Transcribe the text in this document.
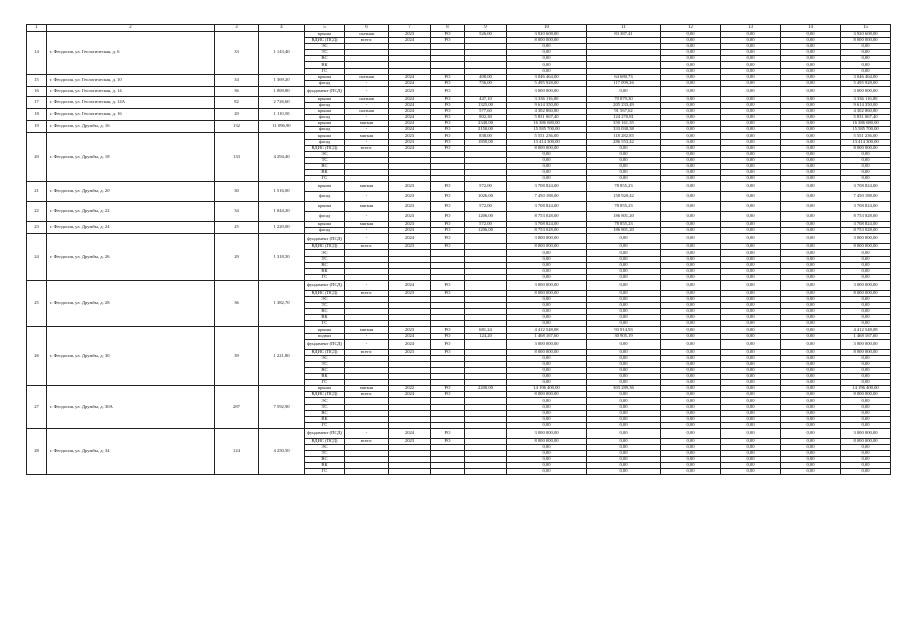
1	2	3	4	5	6	7	8	9	10	11	12	13	14	15
14	г. Феодосия, ул. Геологическая, д. 6	33	1 143,40	крыша	скатная	2023	РО	526,00	3 920 608,00	83 387,41	0,00	0,00	0,00	3 920 608,00
				ВДИС (ПСД)	всего:	2024	РО		8 000 000,00		0,00	0,00	0,00	8 000 000,00
				ЭС					0,00		0,00	0,00	0,00	0,00
				ТС					0,00		0,00	0,00	0,00	0,00
				ВС					0,00		0,00	0,00	0,00	0,00
				ВК					0,00		0,00	0,00	0,00	0,00
				ГС					0,00		0,00	0,00	0,00	0,00
15	г. Феодосия, ул. Геологическая, д. 10	34	1 369,20	крыша	скатная	2024	РО	408,00	3 046 464,00	64 680,73	0,00	0,00	0,00	3 046 464,00
				фасад	-	2024	РО	756,00	5 495 928,00	117 099,26	0,00	0,00	0,00	5 495 928,00
16	г. Феодосия, ул. Геологическая, д. 14	36	1 069,80	фундамент (ПСД)	-	2023	РО		3 000 000,00	0,00	0,00	0,00	0,00	3 000 000,00
17	г. Феодосия, ул. Геологическая, д. 14А	82	2 726,60	крыша	скатная	2024	РО	447,10	3 336 116,80	70 879,30	0,00	0,00	0,00	3 336 116,80
				фасад	-	2024	РО	1325,00	9 614 350,00	205 233,49	0,00	0,00	0,00	9 614 350,00
18	г. Феодосия, ул. Геологическая, д. 16	20	1 110,50	крыша	скатная	2024	РО	577,60	4 302 860,80	91 567,62	0,00	0,00	0,00	4 302 860,80
				фасад	-	2024	РО	802,30	5 831 067,40	124 270,81	0,00	0,00	0,00	5 831 067,40
19	г. Феодосия, ул. Дружбы, д. 16	132	11 096,90	крыша	мягкая	2024	РО	2340,00	16 386 680,00	350 161,35	0,00	0,00	0,00	16 386 680,00
				фасад	-	2024	РО	2150,00	15 585 700,00	333 030,38	0,00	0,00	0,00	15 585 700,00
20	г. Феодосия, ул. Дружбы, д. 18	133	4 294,40	крыша	мягкая	2023	РО	838,00	5 551 236,00	118 282,85	0,00	0,00	0,00	5 551 236,00
				фасад	-	2023	РО	1850,00	13 414 300,00	286 553,42	0,00	0,00	0,00	13 414 300,00
				ВДИС (ПСД)	всего:	2024	РО		8 000 000,00	0,00	0,00	0,00	0,00	8 000 000,00
				ЭС					0,00	0,00	0,00	0,00	0,00	0,00
				ТС					0,00	0,00	0,00	0,00	0,00	0,00
				ВС					0,00	0,00	0,00	0,00	0,00	0,00
				ВК					0,00	0,00	0,00	0,00	0,00	0,00
				ГС					0,00	0,00	0,00	0,00	0,00	0,00
21	г. Феодосия, ул. Дружбы, д. 20	30	1 516,00	крыша	мягкая	2023	РО	572,00	3 708 824,00	78 855,23	0,00	0,00	0,00	3 708 824,00
				фасад	-	2023	РО	1026,00	7 450 188,00	158 920,42	0,00	0,00	0,00	7 450 188,00
22	г. Феодосия, ул. Дружбы, д. 22	34	1 044,20	крыша	мягкая	2023	РО	572,00	3 708 824,00	78 855,23	0,00	0,00	0,00	3 708 824,00
				фасад	-	2023	РО	1206,00	8 753 028,00	186 801,20	0,00	0,00	0,00	8 753 028,00
23	г. Феодосия, ул. Дружбы, д. 24	25	1 220,00	крыша	мягкая	2023	РО	572,00	3 708 824,00	78 855,23	0,00	0,00	0,00	3 708 824,00
				фасад	-	2023	РО	1206,00	8 753 028,00	186 801,20	0,00	0,00	0,00	8 753 028,00
24	г. Феодосия, ул. Дружбы, д. 26	29	1 318,50	фундамент (ПСД)	-	2024	РО		3 000 000,00	0,00	0,00	0,00	0,00	3 000 000,00
				ВДИС (ПСД)	всего:	2023	РО		8 000 000,00	0,00	0,00	0,00	0,00	8 000 000,00
				ЭС					0,00	0,00	0,00	0,00	0,00	0,00
				ТС					0,00	0,00	0,00	0,00	0,00	0,00
				ВС					0,00	0,00	0,00	0,00	0,00	0,00
				ВК					0,00	0,00	0,00	0,00	0,00	0,00
				ГС					0,00	0,00	0,00	0,00	0,00	0,00
25	г. Феодосия, ул. Дружбы, д. 28	36	1 382,70	фундамент (ПСД)	-	2024	РО		3 000 000,00	0,00	0,00	0,00	0,00	3 000 000,00
				ВДИС (ПСД)	всего:	2023	РО		8 000 000,00	0,00	0,00	0,00	0,00	8 000 000,00
				ЭС					0,00	0,00	0,00	0,00	0,00	0,00
				ТС					0,00	0,00	0,00	0,00	0,00	0,00
				ВС					0,00	0,00	0,00	0,00	0,00	0,00
				ВК					0,00	0,00	0,00	0,00	0,00	0,00
				ГС					0,00	0,00	0,00	0,00	0,00	0,00
26	г. Феодосия, ул. Дружбы, д. 30	39	1 221,80	крыша	мягкая	2023	РО	681,24	4 412 548,08	93 914,93	0,00	0,00	0,00	4 412 548,08
				подвал	-	2024	РО	124,20	1 468 167,60	30 905,19	0,00	0,00	0,00	1 468 167,60
				фундамент (ПСД)	-	2024	РО		3 000 000,00	0,00	0,00	0,00	0,00	3 000 000,00
				ВДИС (ПСД)	всего:	2023	РО		8 000 000,00	0,00	0,00	0,00	0,00	8 000 000,00
				ЭС					0,00	0,00	0,00	0,00	0,00	0,00
				ТС					0,00	0,00	0,00	0,00	0,00	0,00
				ВС					0,00	0,00	0,00	0,00	0,00	0,00
				ВК					0,00	0,00	0,00	0,00	0,00	0,00
				ГС					0,00	0,00	0,00	0,00	0,00	0,00
27	г. Феодосия, ул. Дружбы, д. 30А	287	7 592,90	крыша	мягкая	2022	РО	2200,00	14 196 400,00	303 289,36	0,00	0,00	0,00	14 196 400,00
				ВДИС (ПСД)	всего:	2024	РО		8 000 000,00	0,00	0,00	0,00	0,00	8 000 000,00
				ЭС					0,00	0,00	0,00	0,00	0,00	0,00
				ТС					0,00	0,00	0,00	0,00	0,00	0,00
				ВС					0,00	0,00	0,00	0,00	0,00	0,00
				ВК					0,00	0,00	0,00	0,00	0,00	0,00
				ГС					0,00	0,00	0,00	0,00	0,00	0,00
28	г. Феодосия, ул. Дружбы, д. 34	124	4 250,50	фундамент (ПСД)	-	2024	РО		3 000 000,00	0,00	0,00	0,00	0,00	3 000 000,00
				ВДИС (ПСД)	всего:	2023	РО		8 000 000,00	0,00	0,00	0,00	0,00	8 000 000,00
				ЭС					0,00	0,00	0,00	0,00	0,00	0,00
				ТС					0,00	0,00	0,00	0,00	0,00	0,00
				ВС					0,00	0,00	0,00	0,00	0,00	0,00
				ВК					0,00	0,00	0,00	0,00	0,00	0,00
				ГС					0,00	0,00	0,00	0,00	0,00	0,00
